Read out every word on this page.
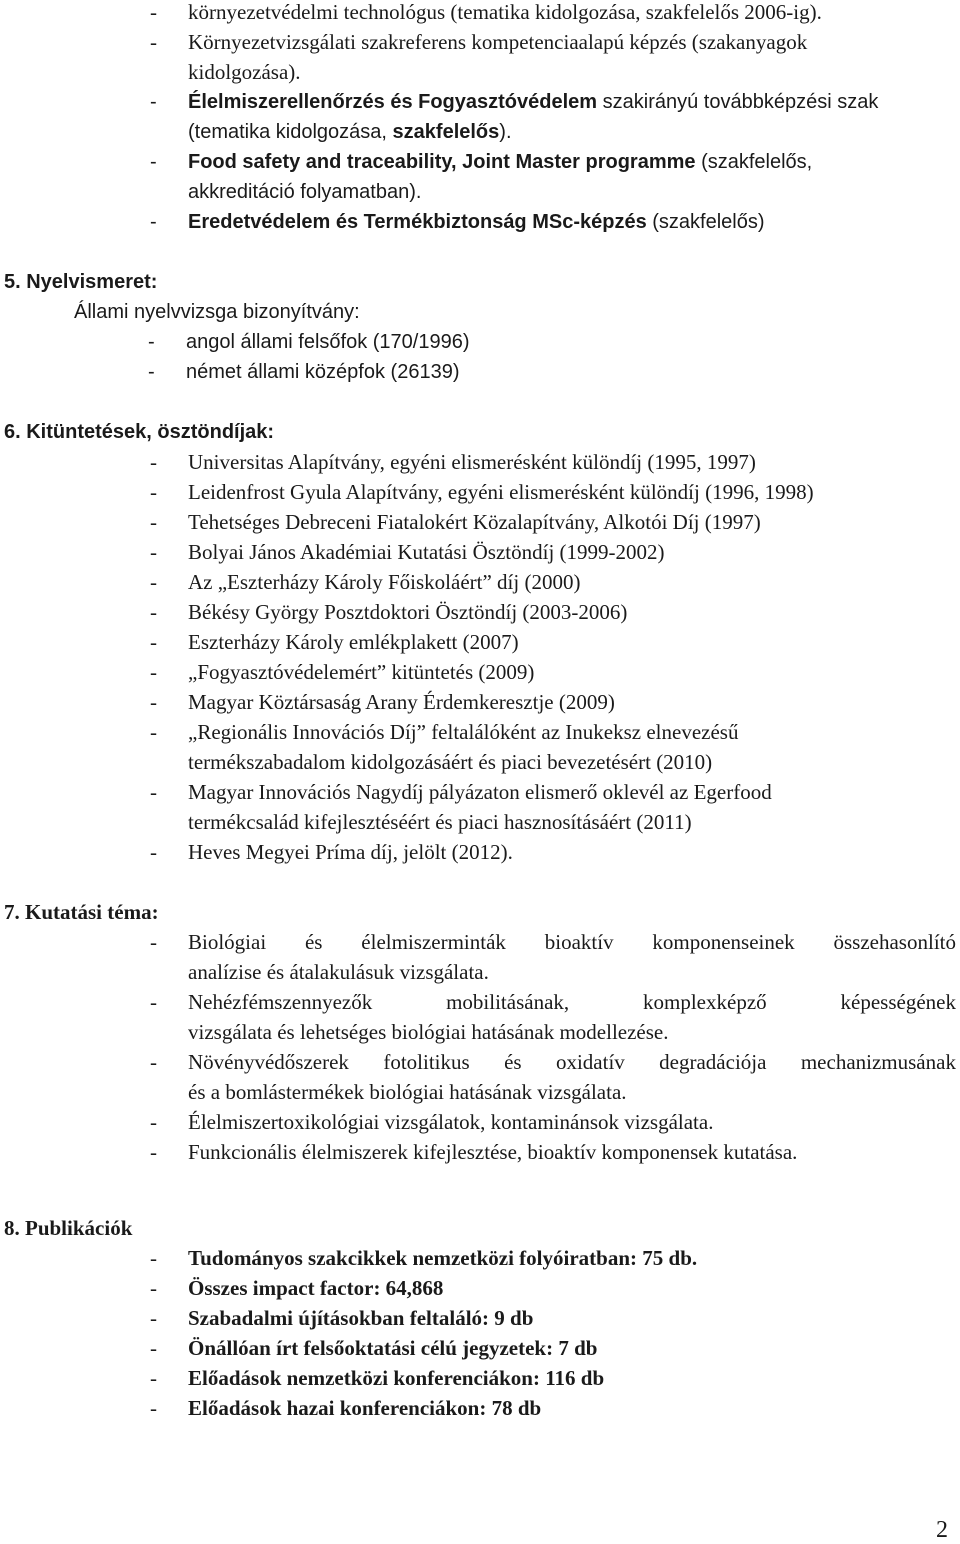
- környezetvédelmi technológus (tematika kidolgozása, szakfelelős 2006-ig).
- Környezetvizsgálati szakreferens kompetenciaalapú képzés (szakanyagok
kidolgozása).
- Élelmiszerellenőrzés és Fogyasztóvédelem szakirányú továbbképzési szak
(tematika kidolgozása, szakfelelős).
- Food safety and traceability, Joint Master programme (szakfelelős,
akkreditáció folyamatban).
- Eredetvédelem és Termékbiztonság MSc-képzés (szakfelelős)
5. Nyelvismeret:
Állami nyelvvizsga bizonyítvány:
- angol állami felsőfok (170/1996)
- német állami középfok (26139)
6. Kitüntetések, ösztöndíjak:
- Universitas Alapítvány, egyéni elismerésként különdíj (1995, 1997)
- Leidenfrost Gyula Alapítvány, egyéni elismerésként különdíj (1996, 1998)
- Tehetséges Debreceni Fiatalokért Közalapítvány, Alkotói Díj (1997)
- Bolyai János Akadémiai Kutatási Ösztöndíj (1999-2002)
- Az „Eszterházy Károly Főiskoláért” díj (2000)
- Békésy György Posztdoktori Ösztöndíj (2003-2006)
- Eszterházy Károly emlékplakett (2007)
- „Fogyasztóvédelemért” kitüntetés (2009)
- Magyar Köztársaság Arany Érdemkeresztje (2009)
- „Regionális Innovációs Díj” feltalálóként az Inukeksz elnevezésű
termékszabadalom kidolgozásáért és piaci bevezetésért (2010)
- Magyar Innovációs Nagydíj pályázaton elismerő oklevél az Egerfood
termékcsalád kifejlesztéséért és piaci hasznosításáért (2011)
- Heves Megyei Príma díj, jelölt (2012).
7. Kutatási téma:
- Biológiai és élelmiszerminták bioaktív komponenseinek összehasonlító
analízise és átalakulásuk vizsgálata.
- Nehézfémszennyezők	mobilitásának,	komplexképző	képességének
vizsgálata és lehetséges biológiai hatásának modellezése.
- Növényvédőszerek fotolitikus és oxidatív degradációja mechanizmusának
és a bomlástermékek biológiai hatásának vizsgálata.
- Élelmiszertoxikológiai vizsgálatok, kontaminánsok vizsgálata.
- Funkcionális élelmiszerek kifejlesztése, bioaktív komponensek kutatása.
8. Publikációk
- Tudományos szakcikkek nemzetközi folyóiratban: 75 db.
- Összes impact factor: 64,868
- Szabadalmi újításokban feltaláló: 9 db
- Önállóan írt felsőoktatási célú jegyzetek: 7 db
- Előadások nemzetközi konferenciákon: 116 db
- Előadások hazai konferenciákon: 78 db
2
